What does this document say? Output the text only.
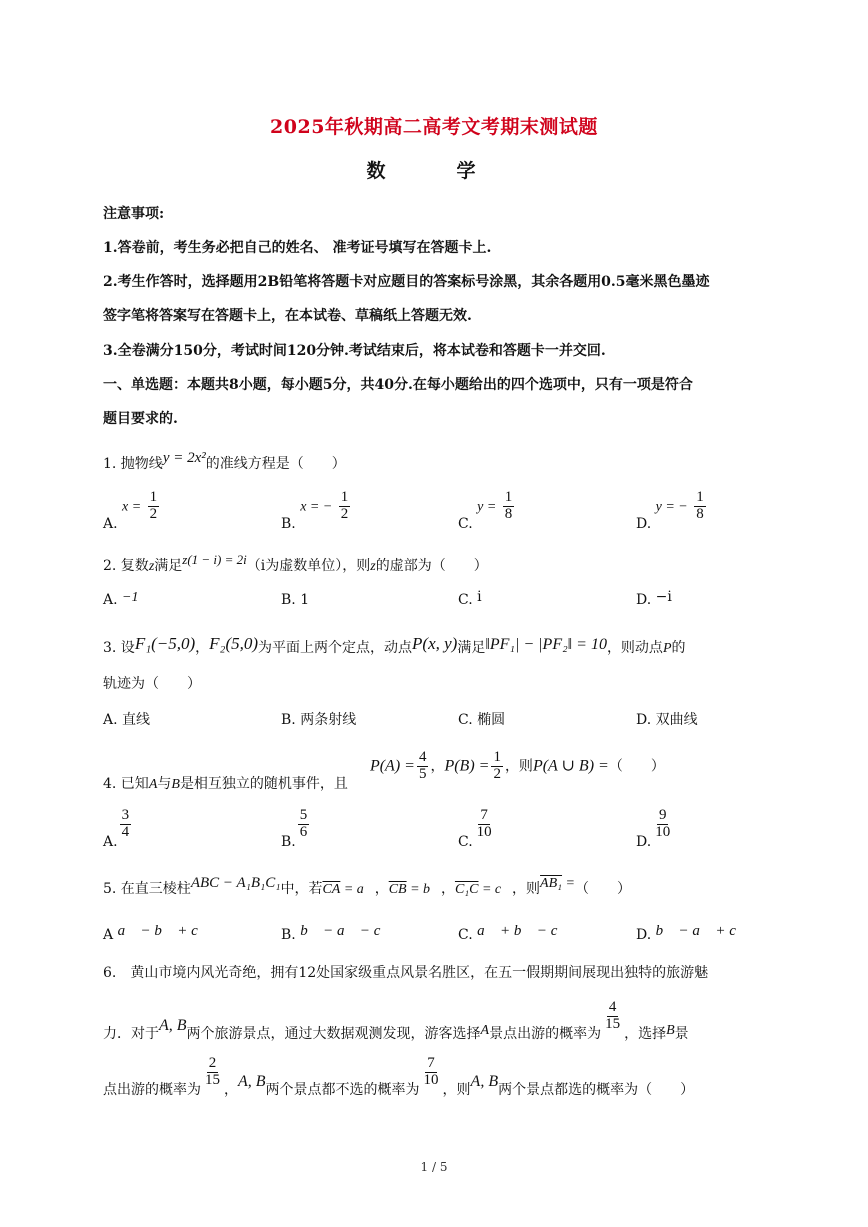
2025年秋期高二高考文考期末测试题
数　学
注意事项:
1.答卷前，考生务必把自己的姓名、 准考证号填写在答题卡上.
2.考生作答时，选择题用2B铅笔将答题卡对应题目的答案标号涂黑，其余各题用0.5毫米黑色墨迹
签字笔将答案写在答题卡上，在本试卷、草稿纸上答题无效.
3.全卷满分150分，考试时间120分钟.考试结束后，将本试卷和答题卡一并交回.
一、单选题：本题共8小题，每小题5分，共40分.在每小题给出的四个选项中，只有一项是符合
题目要求的.
1. 抛物线y = 2x²的准线方程是（　　）
A. $x = \frac{1}{2}$
B. x = − $\frac{1}{2}$
C. $y = \frac{1}{8}$
D. y = − $\frac{1}{8}$
2. 复数z满足z(1 − i) = 2i（i为虚数单位），则z的虚部为（　　）
A. −1	B. 1	C. i	D. −i
3. 设F₁(−5,0)，F₂(5,0)为平面上两个定点，动点P(x, y)满足‖PF₁| − |PF₂‖ = 10，则动点P的
轨迹为（　　）
A. 直线	B. 两条射线	C. 椭圆	D. 双曲线
4. 已知A与B是相互独立的随机事件，且$P(A) = \frac{4}{5}$ ，$P(B) = \frac{1}{2}$ ，则P(A ∪ B) =（　　）
A.
$\frac{3}{4}$
B.
$\frac{5}{6}$
C.
$\frac{7}{10}$
D.
$\frac{9}{10}$
5. 在直三棱柱ABC − A₁B₁C₁中，若$\overline{CA}$ = a⃗，$\overline{CB}$ = b⃗，C₁C = c⃗，则AB₁ =（　　）
A a⃗ − b⃗ + c⃗	B. b⃗ − a⃗ − c⃗	C. a⃗ + b⃗ − c⃗	D. b⃗ − a⃗ + c⃗
6.　黄山市境内风光奇绝，拥有12处国家级重点风景名胜区，在五一假期期间展现出独特的旅游魅
力．对于A, B两个旅游景点，通过大数据观测发现，游客选择A景点出游的概率为
$\frac{4}{15}$
，选择B景
点出游的概率为
$\frac{2}{15}$
，A, B两个景点都不选的概率为
$\frac{7}{10}$
，则A, B两个景点都选的概率为（　　）
1 / 5
